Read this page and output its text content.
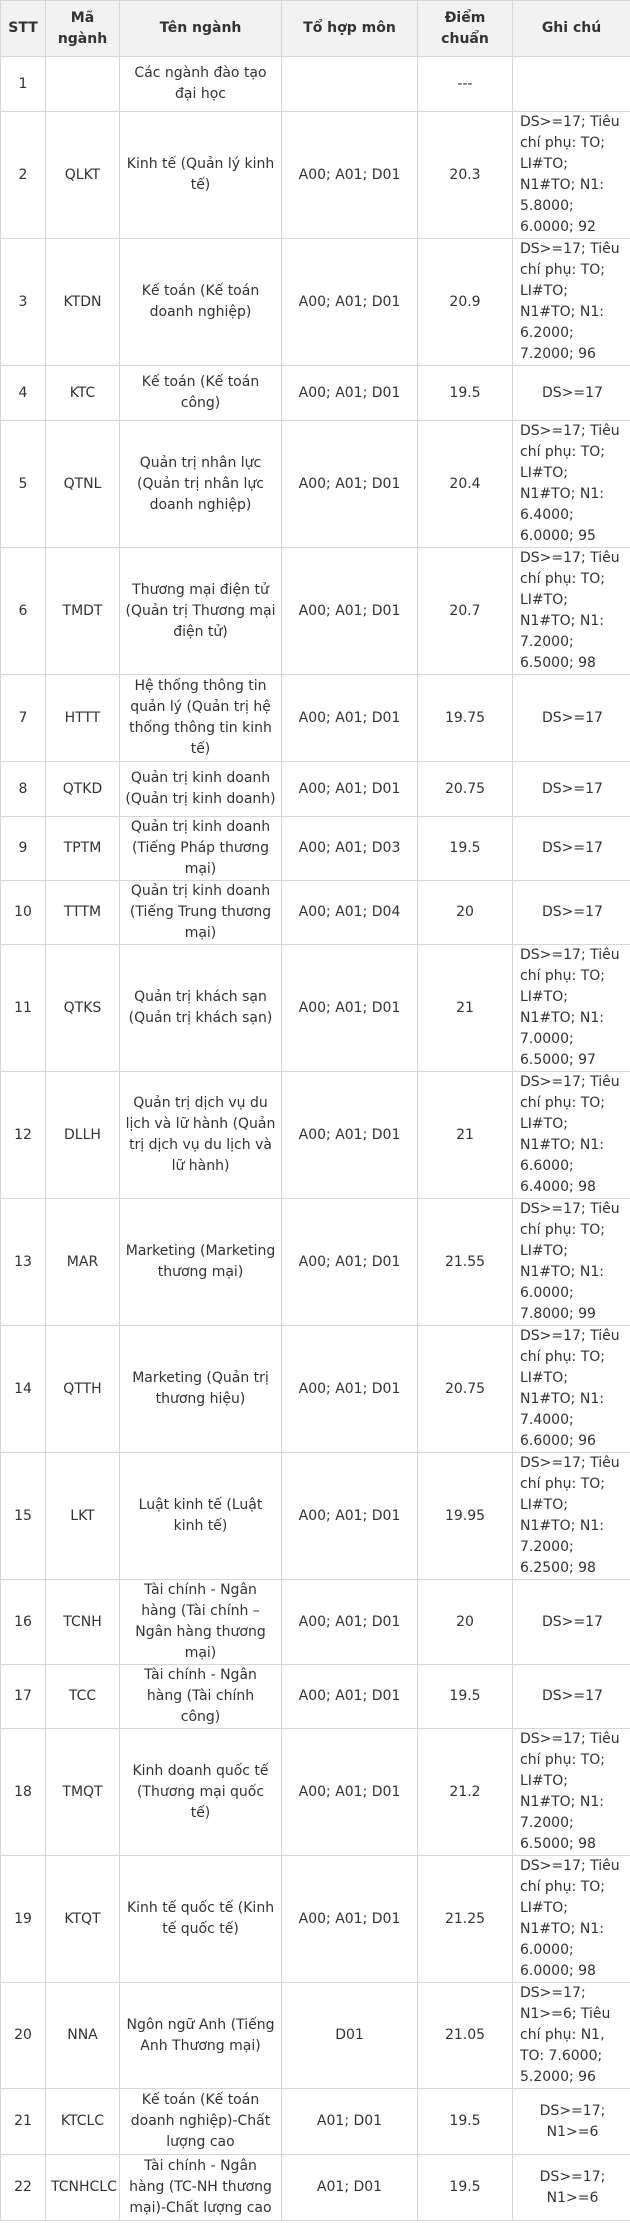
STT	Mã ngành	Tên ngành	Tổ hợp môn	Điểm chuẩn	Ghi chú
1		Các ngành đào tạo đại học		---	
2	QLKT	Kinh tế (Quản lý kinh tế)	A00; A01; D01	20.3	DS>=17; Tiêu chí phụ: TO; LI#TO; N1#TO; N1: 5.8000; 6.0000; 92
3	KTDN	Kế toán (Kế toán doanh nghiệp)	A00; A01; D01	20.9	DS>=17; Tiêu chí phụ: TO; LI#TO; N1#TO; N1: 6.2000; 7.2000; 96
4	KTC	Kế toán (Kế toán công)	A00; A01; D01	19.5	DS>=17
5	QTNL	Quản trị nhân lực (Quản trị nhân lực doanh nghiệp)	A00; A01; D01	20.4	DS>=17; Tiêu chí phụ: TO; LI#TO; N1#TO; N1: 6.4000; 6.0000; 95
6	TMDT	Thương mại điện tử (Quản trị Thương mại điện tử)	A00; A01; D01	20.7	DS>=17; Tiêu chí phụ: TO; LI#TO; N1#TO; N1: 7.2000; 6.5000; 98
7	HTTT	Hệ thống thông tin quản lý (Quản trị hệ thống thông tin kinh tế)	A00; A01; D01	19.75	DS>=17
8	QTKD	Quản trị kinh doanh (Quản trị kinh doanh)	A00; A01; D01	20.75	DS>=17
9	TPTM	Quản trị kinh doanh (Tiếng Pháp thương mại)	A00; A01; D03	19.5	DS>=17
10	TTTM	Quản trị kinh doanh (Tiếng Trung thương mại)	A00; A01; D04	20	DS>=17
11	QTKS	Quản trị khách sạn (Quản trị khách sạn)	A00; A01; D01	21	DS>=17; Tiêu chí phụ: TO; LI#TO; N1#TO; N1: 7.0000; 6.5000; 97
12	DLLH	Quản trị dịch vụ du lịch và lữ hành (Quản trị dịch vụ du lịch và lữ hành)	A00; A01; D01	21	DS>=17; Tiêu chí phụ: TO; LI#TO; N1#TO; N1: 6.6000; 6.4000; 98
13	MAR	Marketing (Marketing thương mại)	A00; A01; D01	21.55	DS>=17; Tiêu chí phụ: TO; LI#TO; N1#TO; N1: 6.0000; 7.8000; 99
14	QTTH	Marketing (Quản trị thương hiệu)	A00; A01; D01	20.75	DS>=17; Tiêu chí phụ: TO; LI#TO; N1#TO; N1: 7.4000; 6.6000; 96
15	LKT	Luật kinh tế (Luật kinh tế)	A00; A01; D01	19.95	DS>=17; Tiêu chí phụ: TO; LI#TO; N1#TO; N1: 7.2000; 6.2500; 98
16	TCNH	Tài chính - Ngân hàng (Tài chính – Ngân hàng thương mại)	A00; A01; D01	20	DS>=17
17	TCC	Tài chính - Ngân hàng (Tài chính công)	A00; A01; D01	19.5	DS>=17
18	TMQT	Kinh doanh quốc tế (Thương mại quốc tế)	A00; A01; D01	21.2	DS>=17; Tiêu chí phụ: TO; LI#TO; N1#TO; N1: 7.2000; 6.5000; 98
19	KTQT	Kinh tế quốc tế (Kinh tế quốc tế)	A00; A01; D01	21.25	DS>=17; Tiêu chí phụ: TO; LI#TO; N1#TO; N1: 6.0000; 6.0000; 98
20	NNA	Ngôn ngữ Anh (Tiếng Anh Thương mại)	D01	21.05	DS>=17; N1>=6; Tiêu chí phụ: N1, TO: 7.6000; 5.2000; 96
21	KTCLC	Kế toán (Kế toán doanh nghiệp)-Chất lượng cao	A01; D01	19.5	DS>=17; N1>=6
22	TCNHCLC	Tài chính - Ngân hàng (TC-NH thương mại)-Chất lượng cao	A01; D01	19.5	DS>=17; N1>=6
